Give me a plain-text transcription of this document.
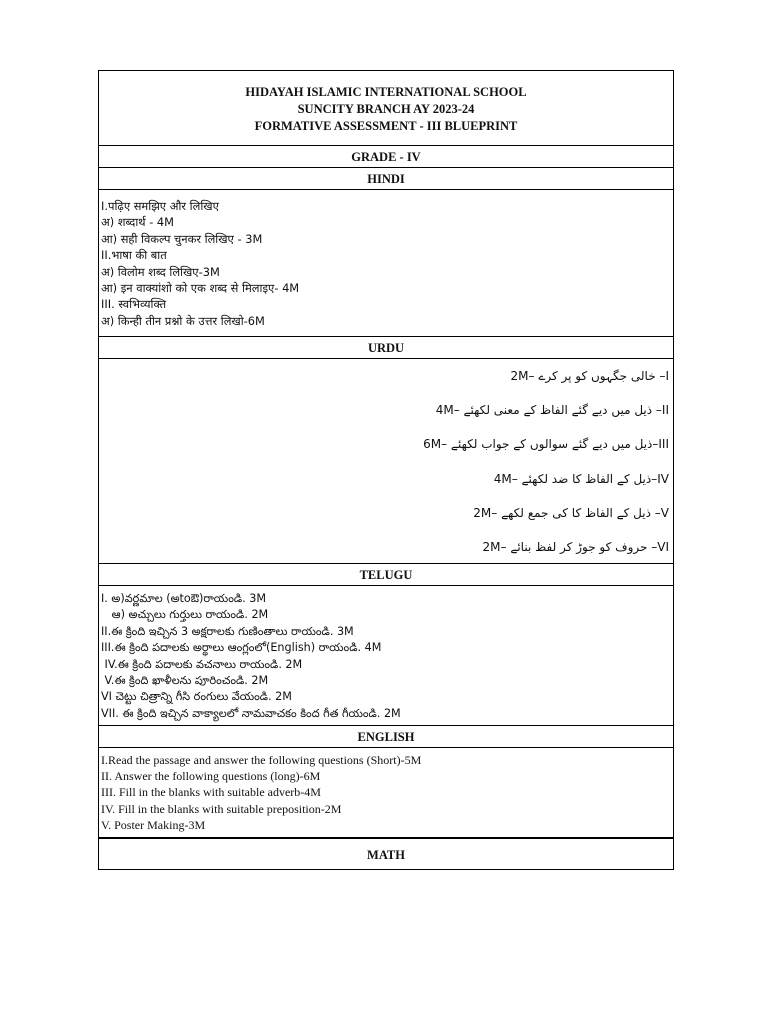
HIDAYAH ISLAMIC INTERNATIONAL SCHOOL
SUNCITY BRANCH AY 2023-24
FORMATIVE ASSESSMENT - III BLUEPRINT
GRADE - IV
HINDI
I.पढ़िए समझिए और लिखिए
अ) शब्दार्थ - 4M
आ) सही विकल्प चुनकर लिखिए - 3M
II.भाषा की बात
अ) विलोम शब्द लिखिए-3M
आ) इन वाक्यांशो को एक शब्द से मिलाइए- 4M
III. स्वभिव्यक्ति
अ) किन्ही तीन प्रश्नो के उत्तर लिखो-6M
URDU
I– خالی جگہوں کو پر کرے –2M
II– ذیل میں دیے گئے الفاظ کے معنی لکھئے –4M
III–ذیل میں دیے گئے سوالوں کے جواب لکھئے –6M
IV–ذیل کے الفاظ کا ضد لکھئے –4M
V– ذیل کے الفاظ کا کی جمع لکھے –2M
VI– حروف کو جوڑ کر لفظ بنائے –2M
TELUGU
I. అ)వర్ణమాల (అtoఔ)రాయండి. 3M
ఆ) అచ్చులు గుర్తులు రాయండి. 2M
II.ఈ క్రింది ఇచ్చిన 3 అక్షరాలకు గుణింతాలు రాయండి. 3M
III.ఈ క్రింది పదాలకు అర్థాలు ఆంగ్లంలో(English) రాయండి. 4M
IV.ఈ క్రింది పదాలకు వచనాలు రాయండి. 2M
V.ఈ క్రింది ఖాళీలను పూరించండి. 2M
VI చెట్టు చిత్రాన్ని గీసి రంగులు వేయండి. 2M
VII. ఈ క్రింది ఇచ్చిన వాక్యాలలో నామవాచకం కింద గీత గీయండి. 2M
ENGLISH
I.Read the passage and answer the following questions (Short)-5M
II. Answer the following questions (long)-6M
III. Fill in the blanks with suitable adverb-4M
IV. Fill in the blanks with suitable preposition-2M
V. Poster Making-3M
MATH
